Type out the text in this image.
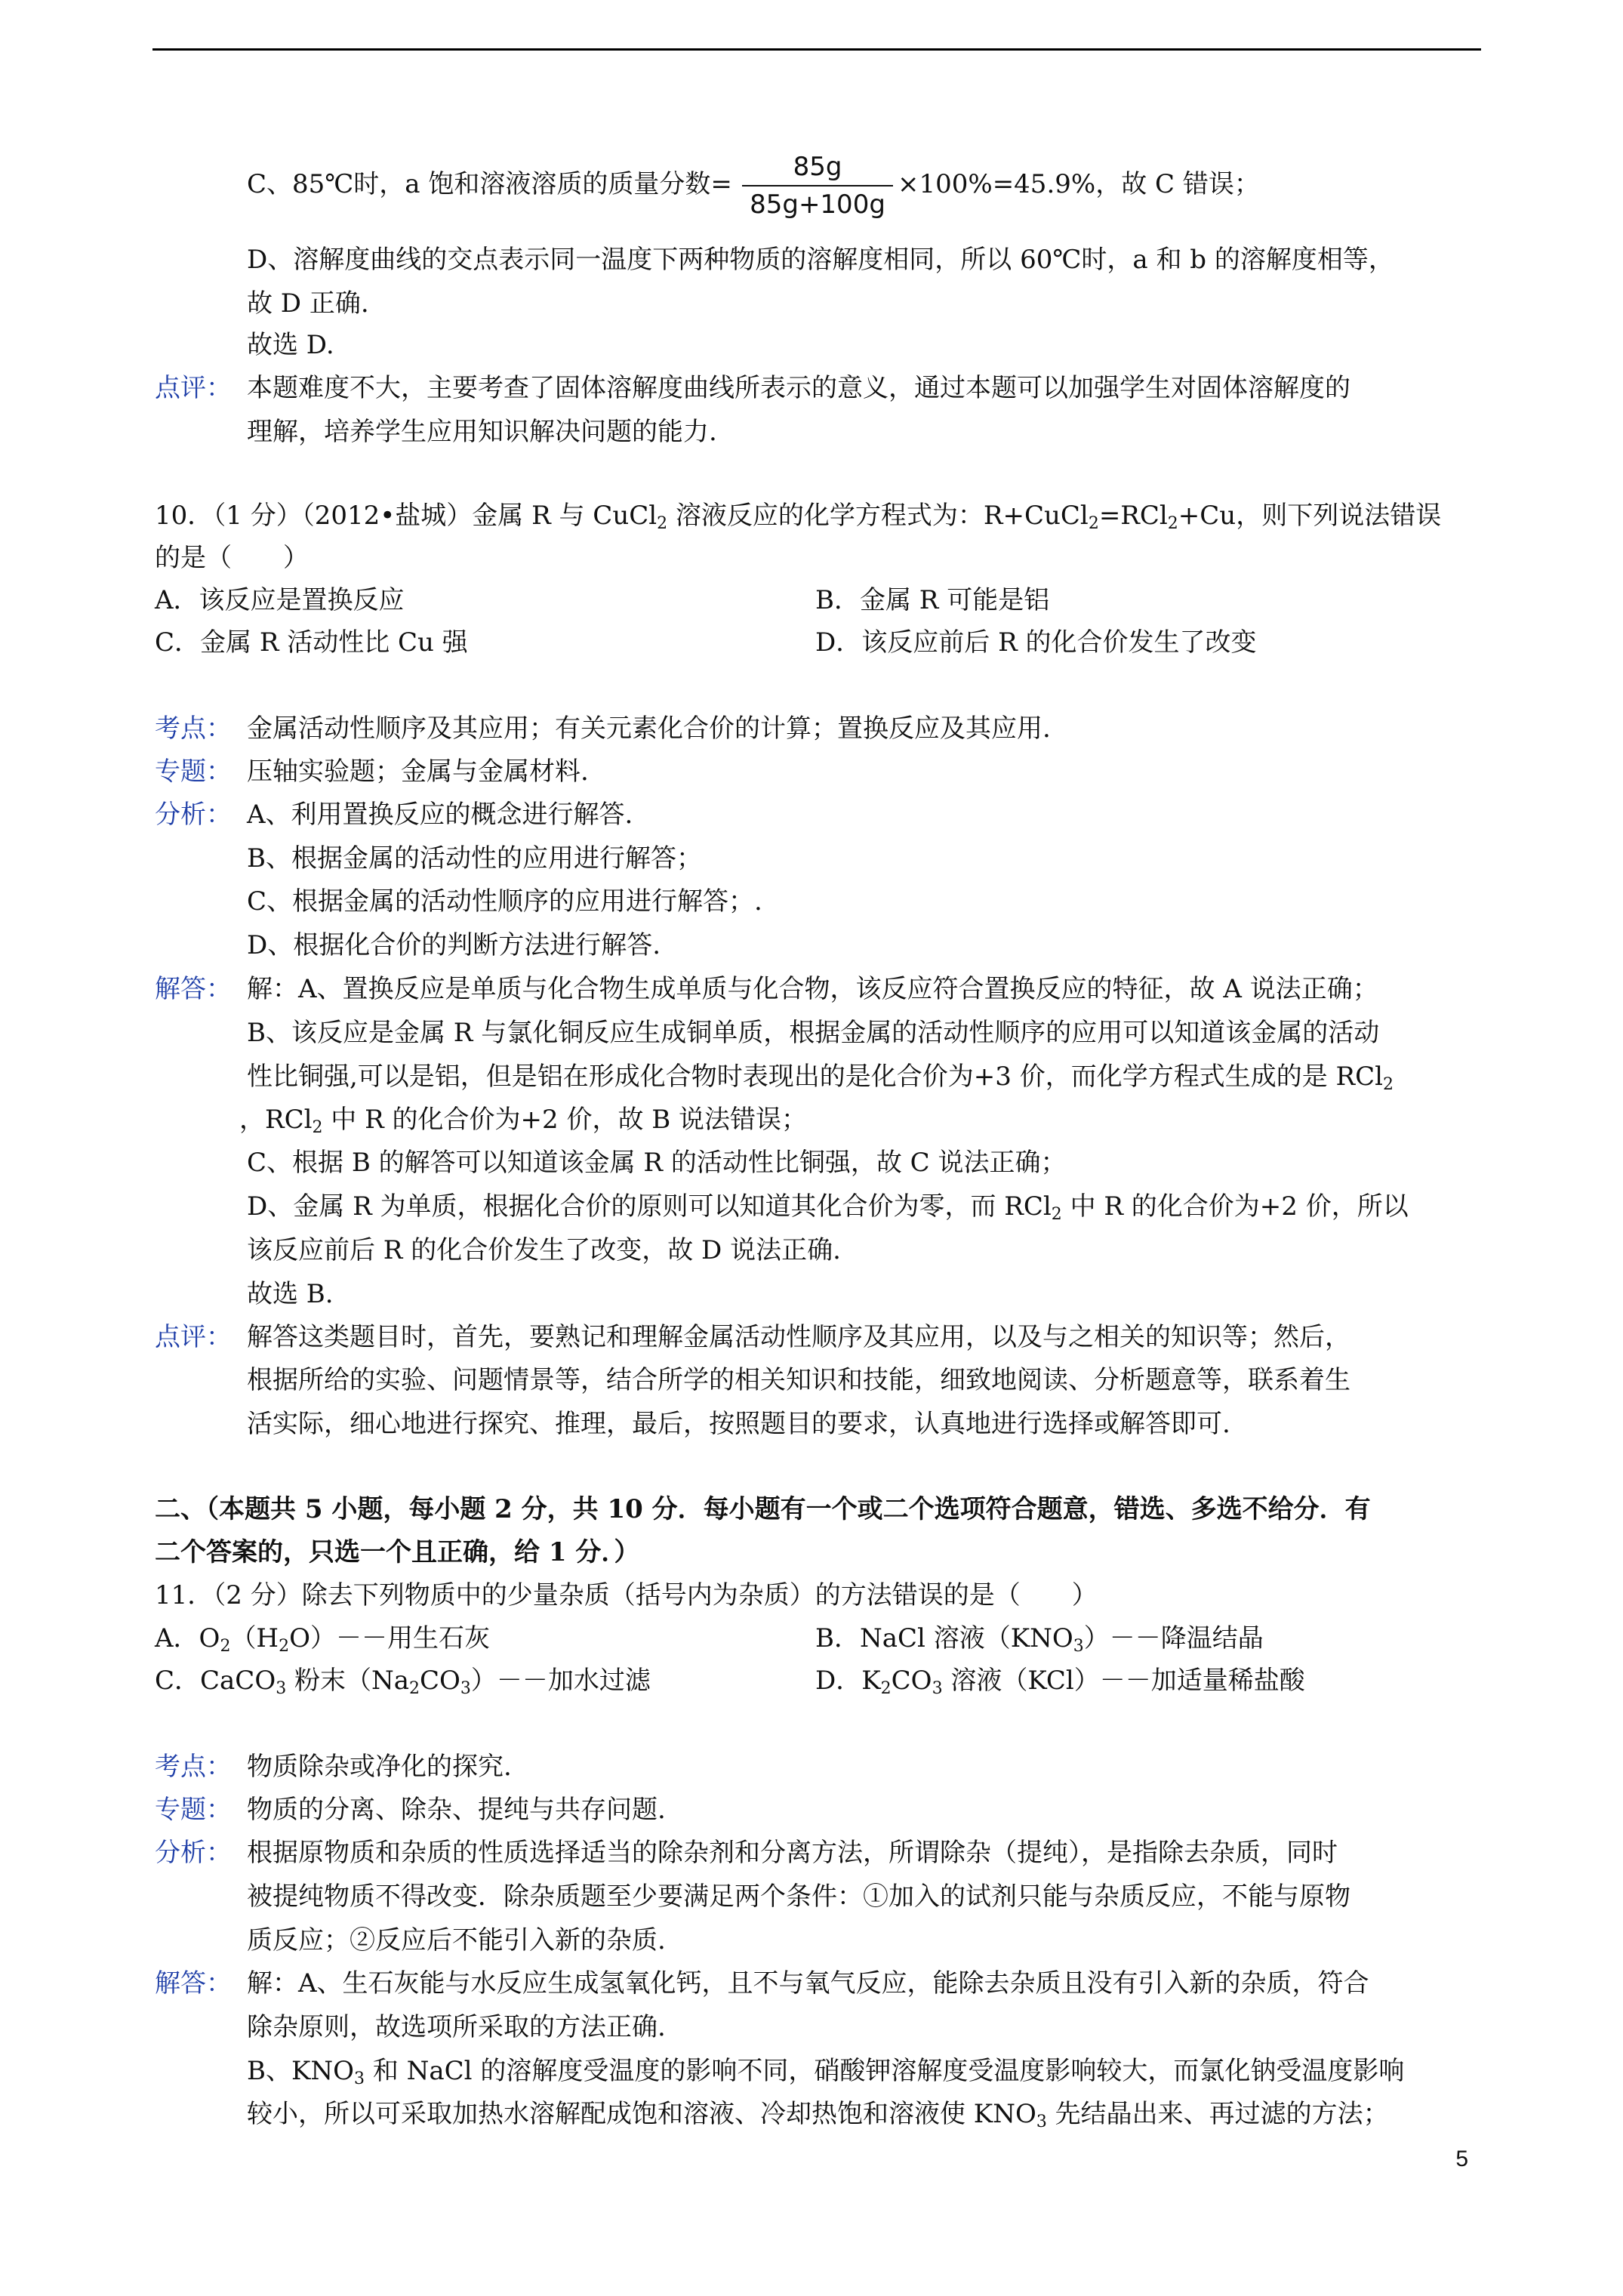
C、85℃时，a 饱和溶液溶质的质量分数=
85g
85g+100g
×100%=45.9%，故 C 错误；
D、溶解度曲线的交点表示同一温度下两种物质的溶解度相同，所以 60℃时，a 和 b 的溶解度相等，
故 D 正确.
故选 D.
点评： 本题难度不大，主要考查了固体溶解度曲线所表示的意义，通过本题可以加强学生对固体溶解度的
理解，培养学生应用知识解决问题的能力.
10．（1 分）（2012•盐城）金属 R 与 CuCl$_2$ 溶液反应的化学方程式为：R+CuCl$_2$=RCl$_2$+Cu，则下列说法错误
的是（　　）
A．该反应是置换反应	B．金属 R 可能是铝
C．金属 R 活动性比 Cu 强	D．该反应前后 R 的化合价发生了改变
考点： 金属活动性顺序及其应用；有关元素化合价的计算；置换反应及其应用.
专题： 压轴实验题；金属与金属材料.
分析： A、利用置换反应的概念进行解答.
B、根据金属的活动性的应用进行解答；
C、根据金属的活动性顺序的应用进行解答；.
D、根据化合价的判断方法进行解答.
解答： 解：A、置换反应是单质与化合物生成单质与化合物，该反应符合置换反应的特征，故 A 说法正确；
B、该反应是金属 R 与氯化铜反应生成铜单质，根据金属的活动性顺序的应用可以知道该金属的活动
性比铜强,可以是铝，但是铝在形成化合物时表现出的是化合价为+3 价，而化学方程式生成的是 RCl$_2$
，RCl$_2$ 中 R 的化合价为+2 价，故 B 说法错误；
C、根据 B 的解答可以知道该金属 R 的活动性比铜强，故 C 说法正确；
D、金属 R 为单质，根据化合价的原则可以知道其化合价为零，而 RCl$_2$ 中 R 的化合价为+2 价，所以
该反应前后 R 的化合价发生了改变，故 D 说法正确.
故选 B.
点评： 解答这类题目时，首先，要熟记和理解金属活动性顺序及其应用，以及与之相关的知识等；然后，
根据所给的实验、问题情景等，结合所学的相关知识和技能，细致地阅读、分析题意等，联系着生
活实际，细心地进行探究、推理，最后，按照题目的要求，认真地进行选择或解答即可.
二、（本题共 5 小题，每小题 2 分，共 10 分．每小题有一个或二个选项符合题意，错选、多选不给分．有
二个答案的，只选一个且正确，给 1 分．）
11．（2 分）除去下列物质中的少量杂质（括号内为杂质）的方法错误的是（　　）
A．$O_2(H_2O)--$用生石灰	B．NaCl 溶液$(KNO_3)--$降温结晶
C．CaCO$_3$ 粉末$(Na_2CO_3)--$加水过滤	D．$K_2CO_3$ 溶液（KCl）－－加适量稀盐酸
考点： 物质除杂或净化的探究.
专题： 物质的分离、除杂、提纯与共存问题.
分析： 根据原物质和杂质的性质选择适当的除杂剂和分离方法，所谓除杂（提纯），是指除去杂质，同时
被提纯物质不得改变．除杂质题至少要满足两个条件：①加入的试剂只能与杂质反应，不能与原物
质反应；②反应后不能引入新的杂质.
解答： 解：A、生石灰能与水反应生成氢氧化钙，且不与氧气反应，能除去杂质且没有引入新的杂质，符合
除杂原则，故选项所采取的方法正确.
B、$KNO_3$ 和 NaCl 的溶解度受温度的影响不同，硝酸钾溶解度受温度影响较大，而氯化钠受温度影响
较小，所以可采取加热水溶解配成饱和溶液、冷却热饱和溶液使 $KNO_3$ 先结晶出来、再过滤的方法；
5
